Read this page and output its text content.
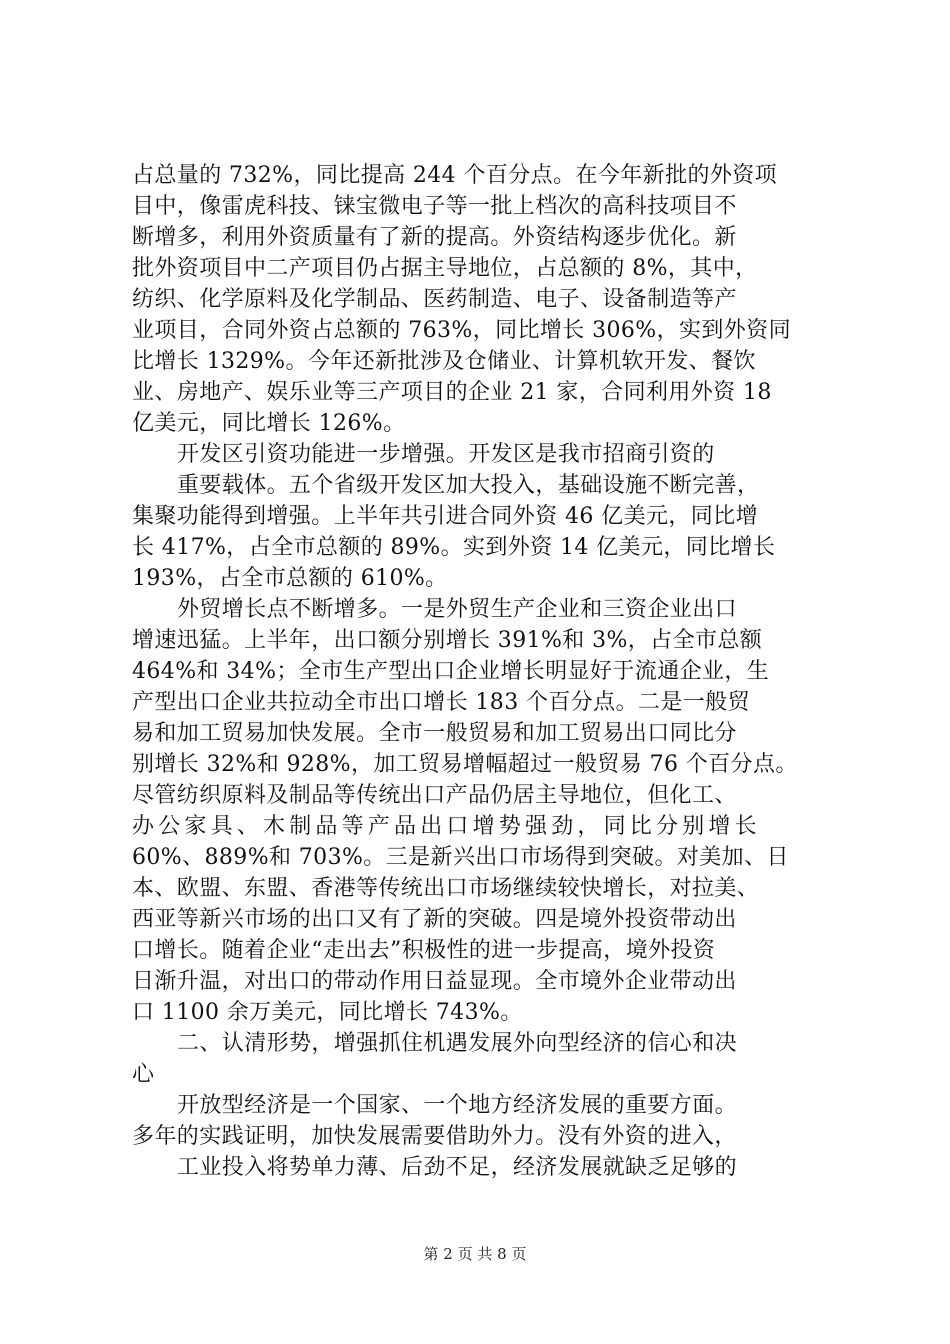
占总量的 732%，同比提高 244 个百分点。在今年新批的外资项
目中，像雷虎科技、铼宝微电子等一批上档次的高科技项目不
断增多，利用外资质量有了新的提高。外资结构逐步优化。新
批外资项目中二产项目仍占据主导地位，占总额的 8%，其中，
纺织、化学原料及化学制品、医药制造、电子、设备制造等产
业项目，合同外资占总额的 763%，同比增长 306%，实到外资同
比增长 1329%。今年还新批涉及仓储业、计算机软开发、餐饮
业、房地产、娱乐业等三产项目的企业 21 家，合同利用外资 18
亿美元，同比增长 126%。
开发区引资功能进一步增强。开发区是我市招商引资的
重要载体。五个省级开发区加大投入，基础设施不断完善，
集聚功能得到增强。上半年共引进合同外资 46 亿美元，同比增
长 417%，占全市总额的 89%。实到外资 14 亿美元，同比增长
193%，占全市总额的 610%。
外贸增长点不断增多。一是外贸生产企业和三资企业出口
增速迅猛。上半年，出口额分别增长 391%和 3%，占全市总额
464%和 34%；全市生产型出口企业增长明显好于流通企业，生
产型出口企业共拉动全市出口增长 183 个百分点。二是一般贸
易和加工贸易加快发展。全市一般贸易和加工贸易出口同比分
别增长 32%和 928%，加工贸易增幅超过一般贸易 76 个百分点。
尽管纺织原料及制品等传统出口产品仍居主导地位，但化工、
办公家具、木制品等产品出口增势强劲，同比分别增长
60%、889%和 703%。三是新兴出口市场得到突破。对美加、日
本、欧盟、东盟、香港等传统出口市场继续较快增长，对拉美、
西亚等新兴市场的出口又有了新的突破。四是境外投资带动出
口增长。随着企业“走出去”积极性的进一步提高，境外投资
日渐升温，对出口的带动作用日益显现。全市境外企业带动出
口 1100 余万美元，同比增长 743%。
二、认清形势，增强抓住机遇发展外向型经济的信心和决
心
开放型经济是一个国家、一个地方经济发展的重要方面。
多年的实践证明，加快发展需要借助外力。没有外资的进入，
工业投入将势单力薄、后劲不足，经济发展就缺乏足够的
第 2 页 共 8 页
